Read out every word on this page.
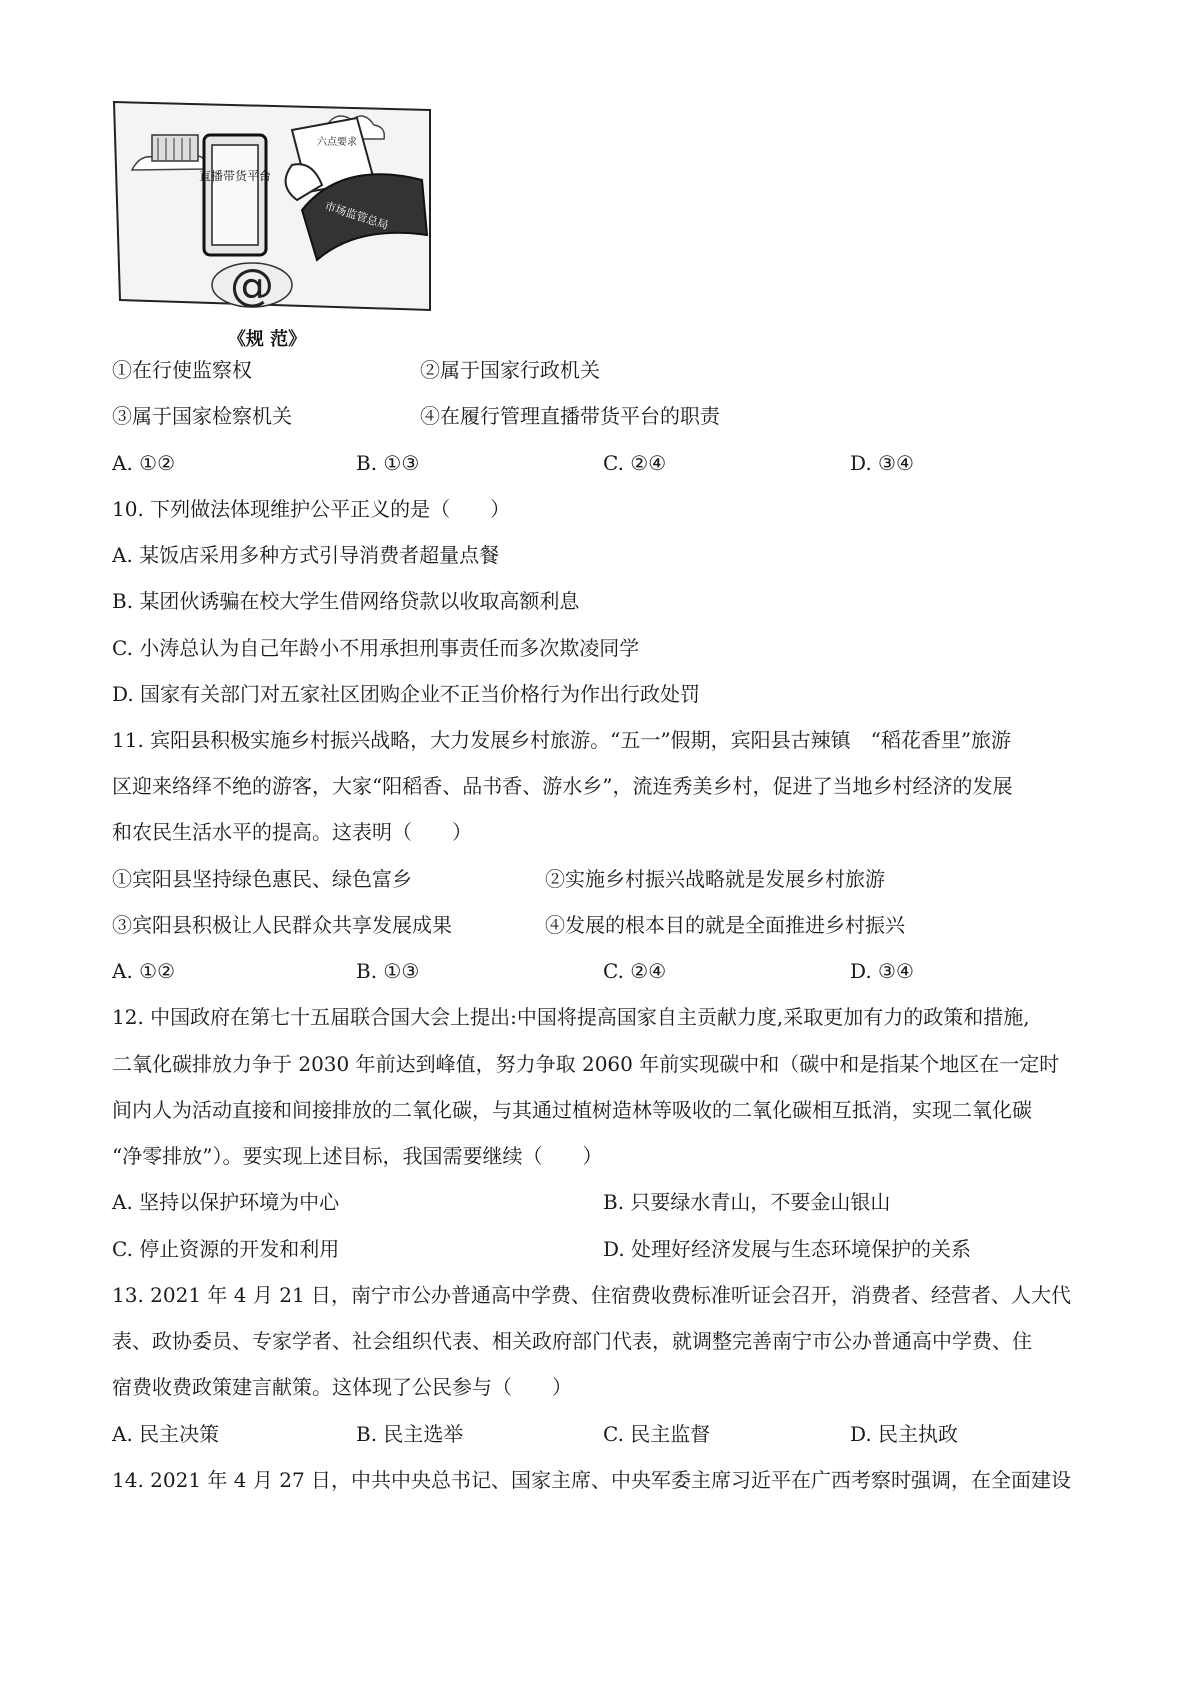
直播带货平台
六点要求
市场监管总局
@
《规 范》
①在行使监察权	②属于国家行政机关
③属于国家检察机关	④在履行管理直播带货平台的职责
A. ①②	B. ①③	C. ②④	D. ③④
10. 下列做法体现维护公平正义的是（　　）
A. 某饭店采用多种方式引导消费者超量点餐
B. 某团伙诱骗在校大学生借网络贷款以收取高额利息
C. 小涛总认为自己年龄小不用承担刑事责任而多次欺凌同学
D. 国家有关部门对五家社区团购企业不正当价格行为作出行政处罚
11. 宾阳县积极实施乡村振兴战略，大力发展乡村旅游。“五一”假期，宾阳县古辣镇　“稻花香里”旅游
区迎来络绎不绝的游客，大家“阳稻香、品书香、游水乡”，流连秀美乡村，促进了当地乡村经济的发展
和农民生活水平的提高。这表明（　　）
①宾阳县坚持绿色惠民、绿色富乡	②实施乡村振兴战略就是发展乡村旅游
③宾阳县积极让人民群众共享发展成果	④发展的根本目的就是全面推进乡村振兴
A. ①②	B. ①③	C. ②④	D. ③④
12. 中国政府在第七十五届联合国大会上提出:中国将提高国家自主贡献力度,采取更加有力的政策和措施,
二氧化碳排放力争于 2030 年前达到峰值，努力争取 2060 年前实现碳中和（碳中和是指某个地区在一定时
间内人为活动直接和间接排放的二氧化碳，与其通过植树造林等吸收的二氧化碳相互抵消，实现二氧化碳
“净零排放”）。要实现上述目标，我国需要继续（　　）
A. 坚持以保护环境为中心	B. 只要绿水青山，不要金山银山
C. 停止资源的开发和利用	D. 处理好经济发展与生态环境保护的关系
13. 2021 年 4 月 21 日，南宁市公办普通高中学费、住宿费收费标准听证会召开，消费者、经营者、人大代
表、政协委员、专家学者、社会组织代表、相关政府部门代表，就调整完善南宁市公办普通高中学费、住
宿费收费政策建言献策。这体现了公民参与（　　）
A. 民主决策	B. 民主选举	C. 民主监督	D. 民主执政
14. 2021 年 4 月 27 日，中共中央总书记、国家主席、中央军委主席习近平在广西考察时强调，在全面建设
